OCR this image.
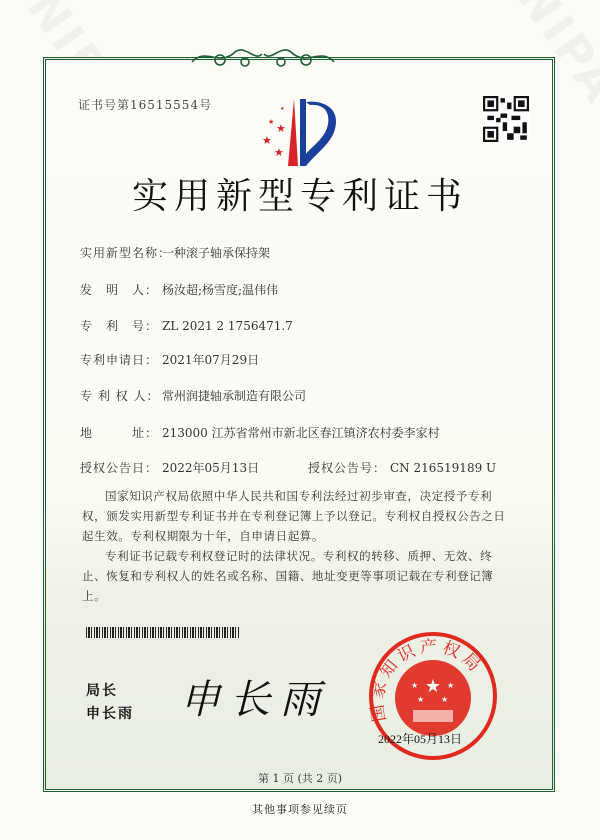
证书号第16515554号
★
★
★
★
★
实用新型专利证书
实用新型名称：一种滚子轴承保持架
发　明　人： 杨汝超;杨雪度;温伟伟
专　利　号： ZL 2021 2 1756471.7
专利申请日： 2021年07月29日
专 利 权 人： 常州润捷轴承制造有限公司
地　　　址： 213000 江苏省常州市新北区春江镇济农村委李家村
授权公告日： 2022年05月13日	授权公告号： CN 216519189 U
国家知识产权局依照中华人民共和国专利法经过初步审查，决定授予专利权，颁发实用新型专利证书并在专利登记簿上予以登记。专利权自授权公告之日起生效。专利权期限为十年，自申请日起算。
专利证书记载专利权登记时的法律状况。专利权的转移、质押、无效、终止、恢复和专利权人的姓名或名称、国籍、地址变更等事项记载在专利登记簿上。
局长
申长雨 申长雨	★
★	★
★ ★
国家知识产权局
2022年05月13日
第 1 页 (共 2 页)
其他事项参见续页
